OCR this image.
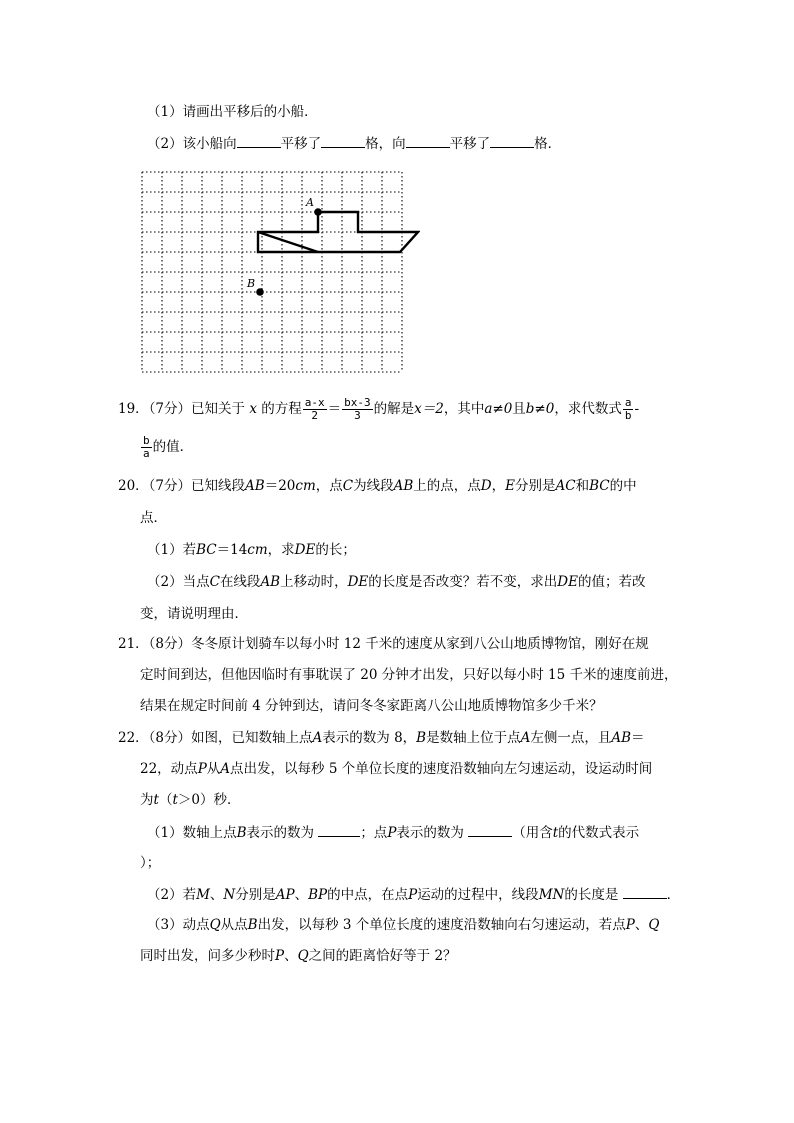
（1）请画出平移后的小船．
（2）该小船向	平移了	格，向	平移了	格．
A
B
19．（7分）已知关于 x 的方程 $\frac{a-x}{2} = \frac{bx-3}{3}$ 的解是x＝2，其中a≠0且b≠0，求代数式 $\frac{a}{b}$ -
$\frac{b}{a}$ 的值．
20．（7分）已知线段AB＝20cm，点C为线段AB上的点，点D，E分别是AC和BC的中
点．
（1）若BC＝14cm，求DE的长；
（2）当点C在线段AB上移动时，DE的长度是否改变？若不变，求出DE的值；若改
变，请说明理由．
21．（8分）冬冬原计划骑车以每小时 12 千米的速度从家到八公山地质博物馆，刚好在规
定时间到达，但他因临时有事耽误了 20 分钟才出发，只好以每小时 15 千米的速度前进，
结果在规定时间前 4 分钟到达，请问冬冬家距离八公山地质博物馆多少千米？
22．（8分）如图，已知数轴上点A表示的数为 8，B是数轴上位于点A左侧一点，且AB＝
22，动点P从A点出发，以每秒 5 个单位长度的速度沿数轴向左匀速运动，设运动时间
为t（t＞0）秒．
（1）数轴上点B表示的数为	；点P表示的数为	（用含t的代数式表示
）；
（2）若M、N分别是AP、BP的中点，在点P运动的过程中，线段MN的长度是	．
（3）动点Q从点B出发，以每秒 3 个单位长度的速度沿数轴向右匀速运动，若点P、Q
同时出发，问多少秒时P、Q之间的距离恰好等于 2？
